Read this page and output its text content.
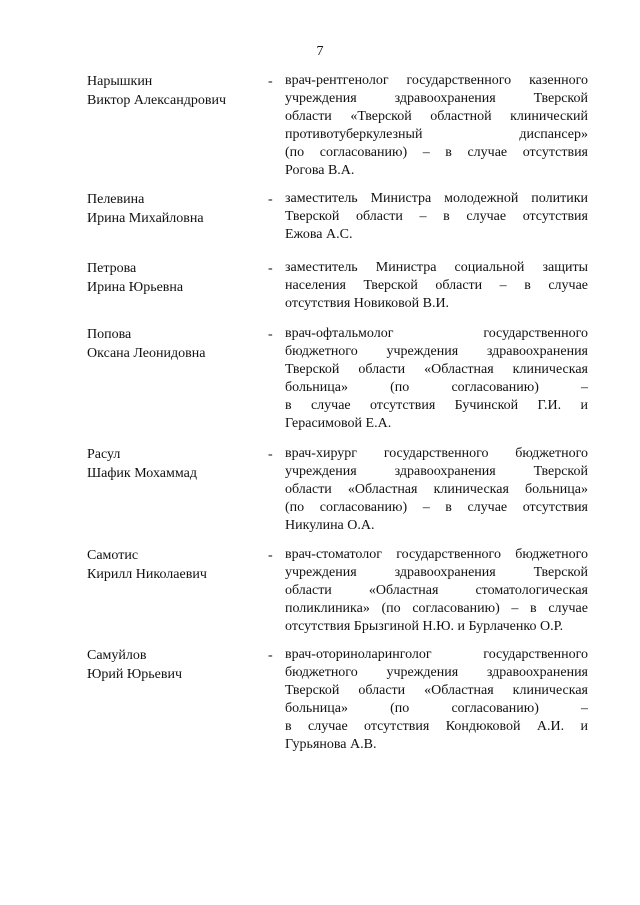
7
Нарышкин
Виктор Александрович
- врач-рентгенолог государственного казенного
учреждения здравоохранения Тверской
области «Тверской областной клинический
противотуберкулезный диспансер»
(по согласованию) – в случае отсутствия
Рогова В.А.
Пелевина
Ирина Михайловна
- заместитель Министра молодежной политики
Тверской области – в случае отсутствия
Ежова А.С.
Петрова
Ирина Юрьевна
- заместитель Министра социальной защиты
населения Тверской области – в случае
отсутствия Новиковой В.И.
Попова
Оксана Леонидовна
- врач-офтальмолог государственного
бюджетного учреждения здравоохранения
Тверской области «Областная клиническая
больница» (по согласованию) –
в случае отсутствия Бучинской Г.И. и
Герасимовой Е.А.
Расул
Шафик Мохаммад
- врач-хирург государственного бюджетного
учреждения здравоохранения Тверской
области «Областная клиническая больница»
(по согласованию) – в случае отсутствия
Никулина О.А.
Самотис
Кирилл Николаевич
- врач-стоматолог государственного бюджетного
учреждения здравоохранения Тверской
области «Областная стоматологическая
поликлиника» (по согласованию) – в случае
отсутствия Брызгиной Н.Ю. и Бурлаченко О.Р.
Самуйлов
Юрий Юрьевич
- врач-оториноларинголог государственного
бюджетного учреждения здравоохранения
Тверской области «Областная клиническая
больница» (по согласованию) –
в случае отсутствия Кондюковой А.И. и
Гурьянова А.В.
